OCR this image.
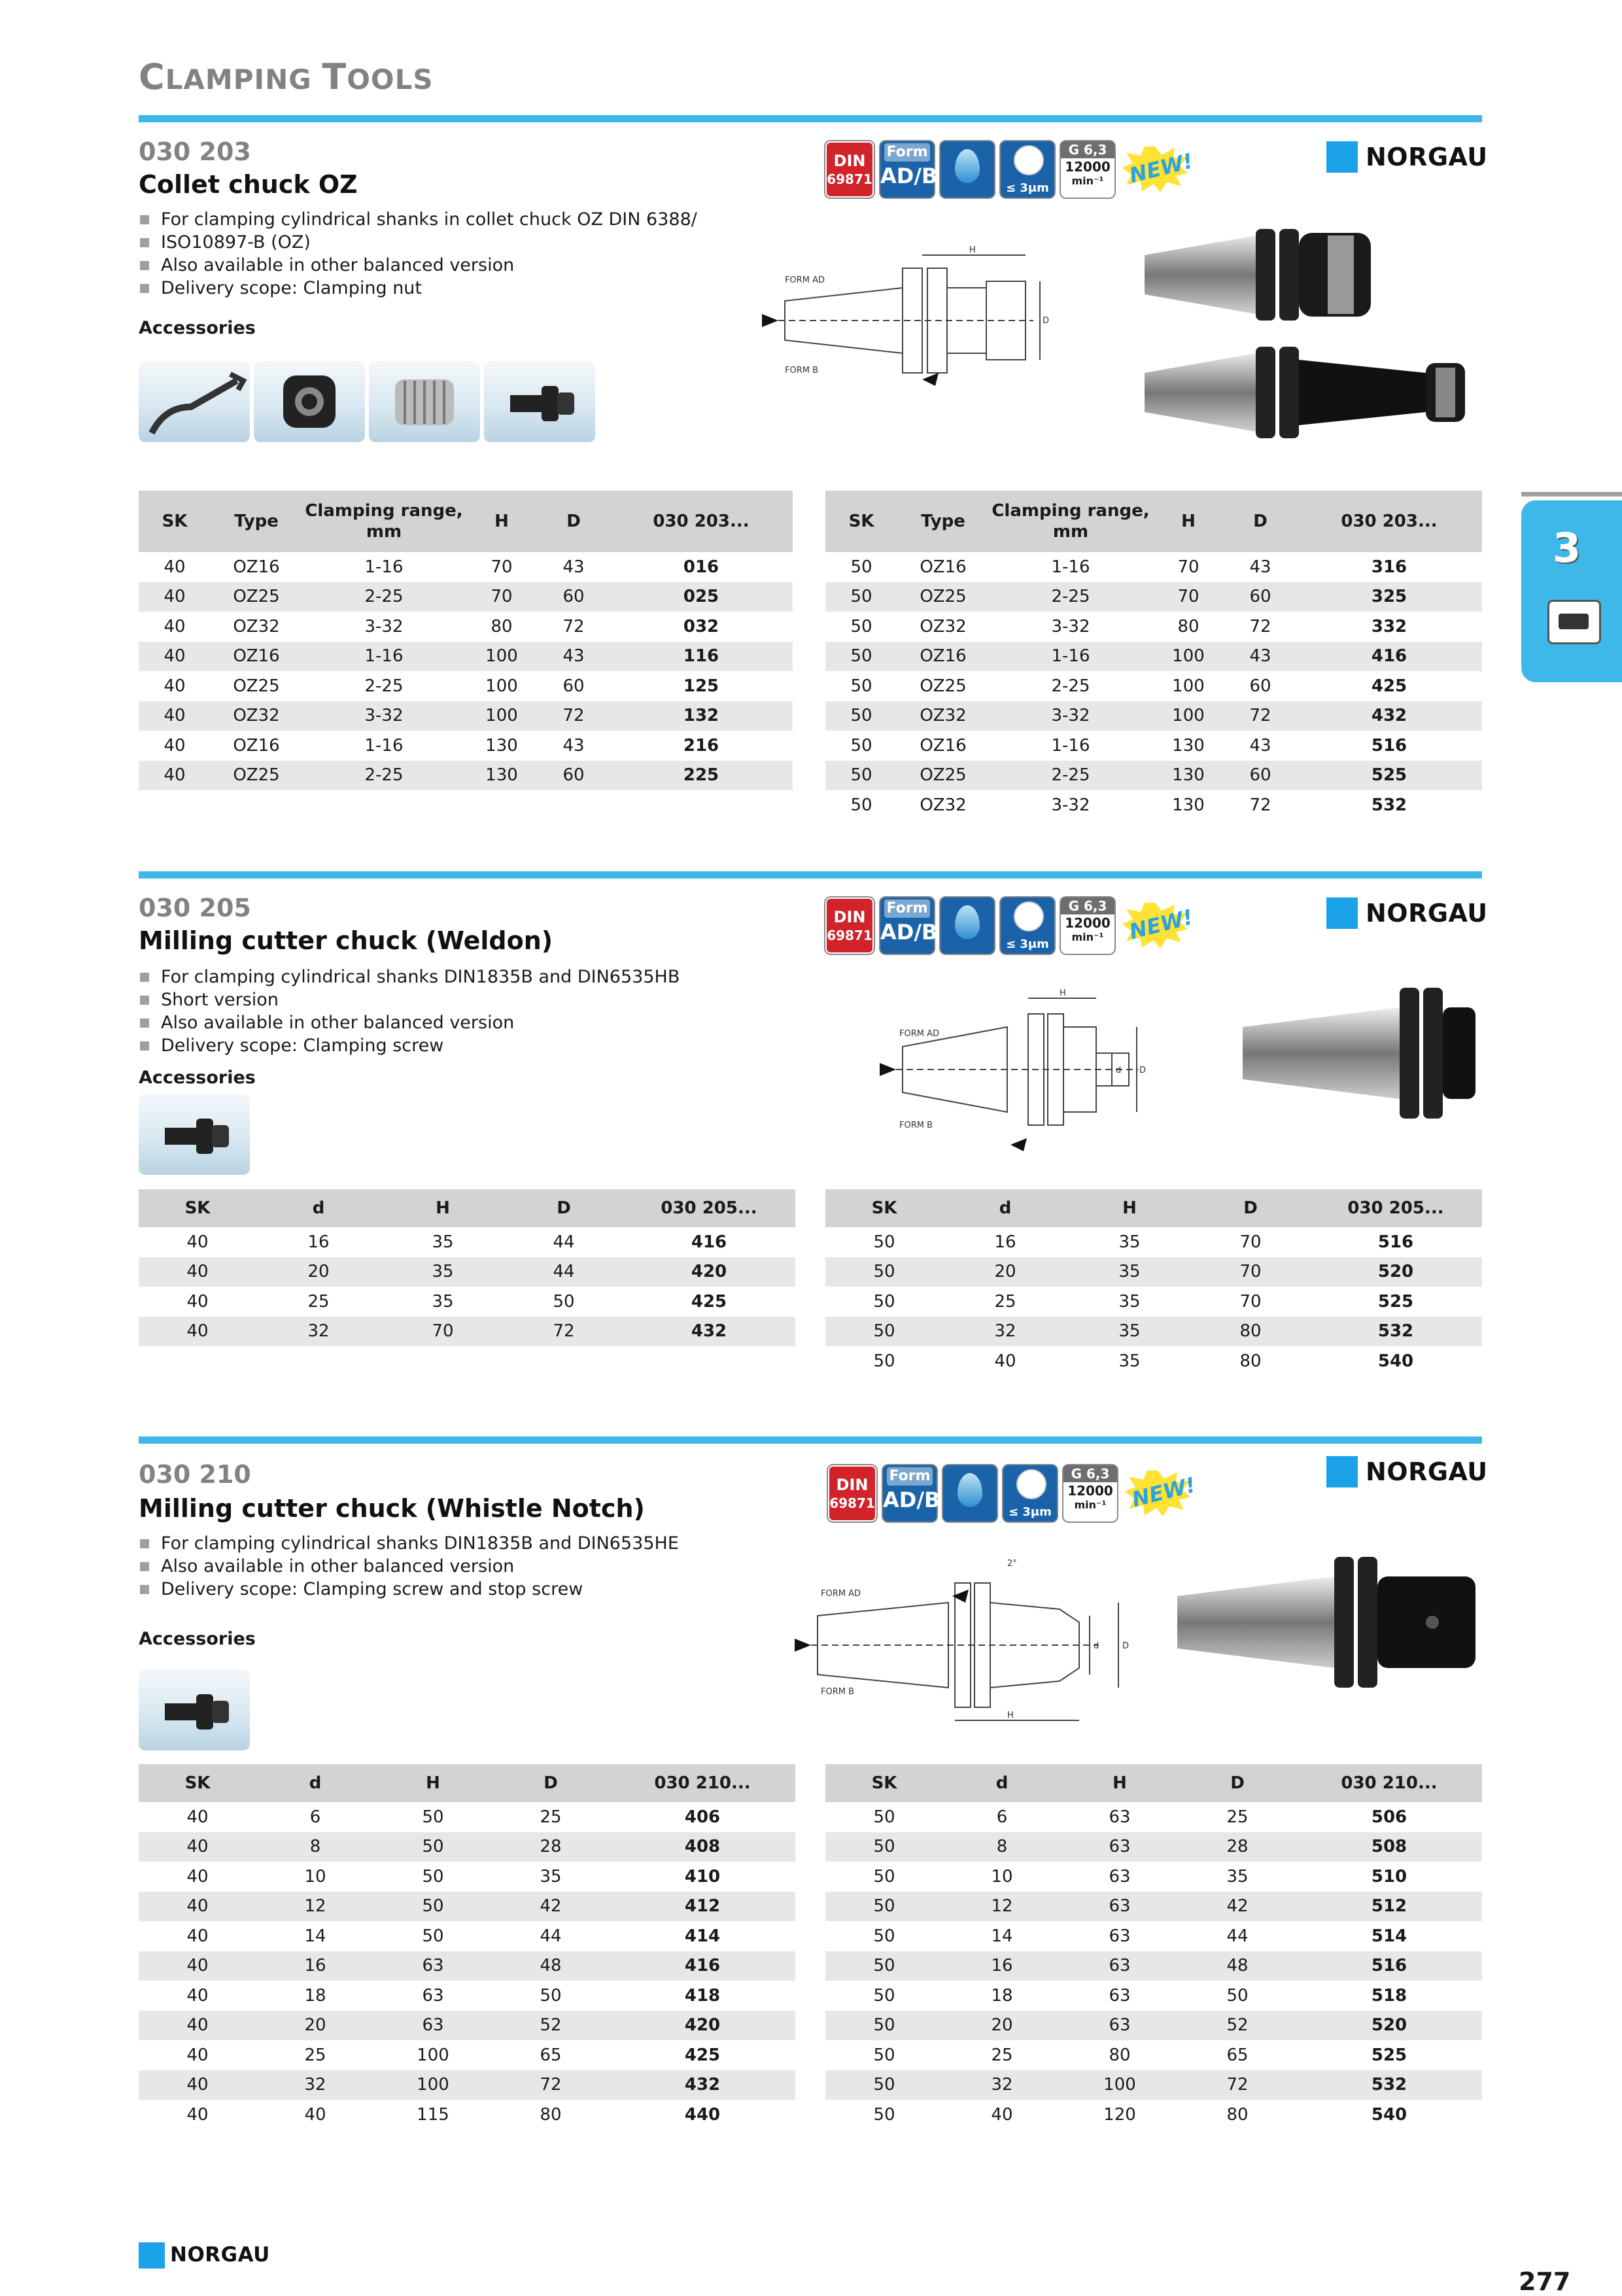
CLAMPING TOOLS
3
030 203
Collet chuck OZ
For clamping cylindrical shanks in collet chuck OZ DIN 6388/
ISO10897-B (OZ)
Also available in other balanced version
Delivery scope: Clamping nut
Accessories
DIN
69871
Form
AD/B	≤ 3μm
G 6,3
12000
min⁻¹	NEW!	NORGAU
FORM AD
FORM B
H
D
SK	Type	Clamping range, mm	H	D	030 203...
40	OZ16	1-16	70	43	016
40	OZ25	2-25	70	60	025
40	OZ32	3-32	80	72	032
40	OZ16	1-16	100	43	116
40	OZ25	2-25	100	60	125
40	OZ32	3-32	100	72	132
40	OZ16	1-16	130	43	216
40	OZ25	2-25	130	60	225
SK	Type	Clamping range, mm	H	D	030 203...
50	OZ16	1-16	70	43	316
50	OZ25	2-25	70	60	325
50	OZ32	3-32	80	72	332
50	OZ16	1-16	100	43	416
50	OZ25	2-25	100	60	425
50	OZ32	3-32	100	72	432
50	OZ16	1-16	130	43	516
50	OZ25	2-25	130	60	525
50	OZ32	3-32	130	72	532
030 205
Milling cutter chuck (Weldon)
For clamping cylindrical shanks DIN1835B and DIN6535HB
Short version
Also available in other balanced version
Delivery scope: Clamping screw
Accessories
DIN
69871
Form
AD/B	≤ 3μm
G 6,3
12000
min⁻¹	NEW!	NORGAU
FORM AD
FORM B
H
d D
SK	d	H	D	030 205...
40	16	35	44	416
40	20	35	44	420
40	25	35	50	425
40	32	70	72	432
SK	d	H	D	030 205...
50	16	35	70	516
50	20	35	70	520
50	25	35	70	525
50	32	35	80	532
50	40	35	80	540
030 210
Milling cutter chuck (Whistle Notch)
For clamping cylindrical shanks DIN1835B and DIN6535HE
Also available in other balanced version
Delivery scope: Clamping screw and stop screw
Accessories
DIN
69871
Form
AD/B	≤ 3μm
G 6,3
12000
min⁻¹	NEW!
NORGAU
FORM AD
FORM B
H
d	D
2°
SK	d	H	D	030 210...
40	6	50	25	406
40	8	50	28	408
40	10	50	35	410
40	12	50	42	412
40	14	50	44	414
40	16	63	48	416
40	18	63	50	418
40	20	63	52	420
40	25	100	65	425
40	32	100	72	432
40	40	115	80	440
SK	d	H	D	030 210...
50	6	63	25	506
50	8	63	28	508
50	10	63	35	510
50	12	63	42	512
50	14	63	44	514
50	16	63	48	516
50	18	63	50	518
50	20	63	52	520
50	25	80	65	525
50	32	100	72	532
50	40	120	80	540
NORGAU
277
